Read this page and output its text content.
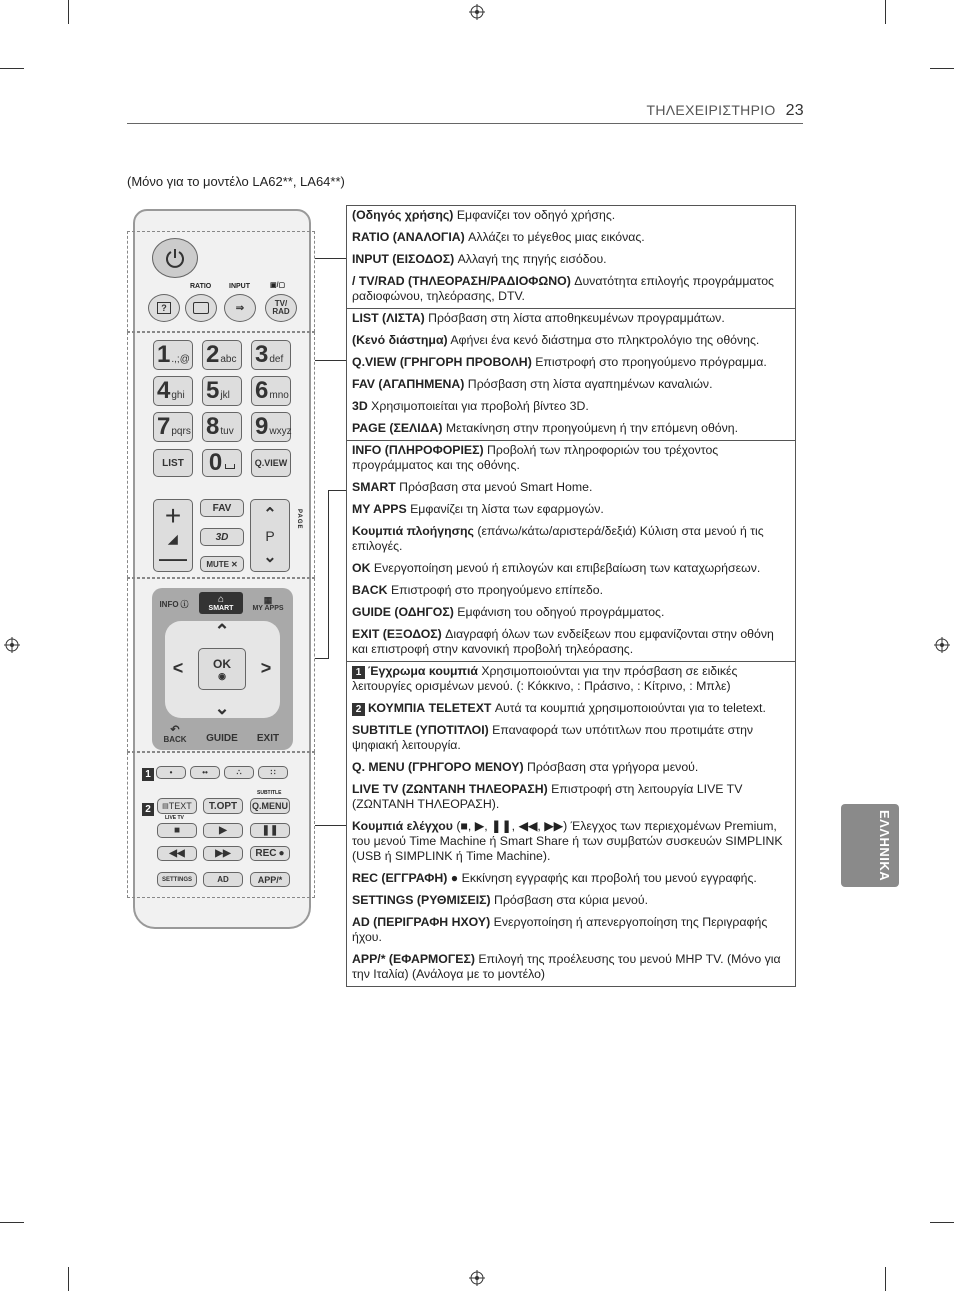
ΤΗΛΕΧΕΙΡΙΣΤΗΡΙΟ 23
(Μόνο για το μοντέλο LA62**, LA64**)
ΕΛΛΗΝΙΚΑ
RATIO	INPUT	▣/▢
?	⇒	TV/
RAD
1 .,;@ 2 abc 3 def
4 ghi 5 jkl 6 mno
7 pqrs 8 tuv 9 wxyz
LIST	0	Q.VIEW
+
◢
—
FAV
3D
MUTE ✕
⌃
P
⌄
PAGE
INFO ⓘ	⌂
SMART
▦
MY APPS
⌃
⌄
<	>
OK
◉
↶
BACK	GUIDE	EXIT
1	•	••	∴	∷
2
SUBTITLE
▤ TEXT	T.OPT	Q.MENU
LIVE TV
■	▶	❚❚
◀◀	▶▶ REC ●
SETTINGS	AD	APP/*
(Οδηγός χρήσης) Εμφανίζει τον οδηγό χρήσης.
RATIO (ΑΝΑΛΟΓΙΑ) Αλλάζει το μέγεθος μιας εικόνας.
INPUT (ΕΙΣΟΔΟΣ) Αλλαγή της πηγής εισόδου.
/ TV/RAD (ΤΗΛΕΟΡΑΣΗ/ΡΑΔΙΟΦΩΝΟ) Δυνατότητα επιλογής προγράμματος ραδιοφώνου, τηλεόρασης, DTV.
LIST (ΛΙΣΤΑ) Πρόσβαση στη λίστα αποθηκευμένων προγραμμάτων.
(Κενό διάστημα) Αφήνει ένα κενό διάστημα στο πληκτρολόγιο της οθόνης.
Q.VIEW (ΓΡΗΓΟΡΗ ΠΡΟΒΟΛΗ) Επιστροφή στο προηγούμενο πρόγραμμα.
FAV (ΑΓΑΠΗΜΕΝΑ) Πρόσβαση στη λίστα αγαπημένων καναλιών.
3D Χρησιμοποιείται για προβολή βίντεο 3D.
PAGE (ΣΕΛΙΔΑ) Μετακίνηση στην προηγούμενη ή την επόμενη οθόνη.
INFO (ΠΛΗΡΟΦΟΡΙΕΣ) Προβολή των πληροφοριών του τρέχοντος προγράμματος και της οθόνης.
SMART Πρόσβαση στα μενού Smart Home.
MY APPS Εμφανίζει τη λίστα των εφαρμογών.
Κουμπιά πλοήγησης (επάνω/κάτω/αριστερά/δεξιά) Κύλιση στα μενού ή τις επιλογές.
OK Ενεργοποίηση μενού ή επιλογών και επιβεβαίωση των καταχωρήσεων.
BACK Επιστροφή στο προηγούμενο επίπεδο.
GUIDE (ΟΔΗΓΟΣ) Εμφάνιση του οδηγού προγράμματος.
EXIT (ΕΞΟΔΟΣ) Διαγραφή όλων των ενδείξεων που εμφανίζονται στην οθόνη και επιστροφή στην κανονική προβολή τηλεόρασης.
1 Έγχρωμα κουμπιά Χρησιμοποιούνται για την πρόσβαση σε ειδικές λειτουργίες ορισμένων μενού. (: Κόκκινο, : Πράσινο, : Κίτρινο, : Μπλε)
2 ΚΟΥΜΠΙΑ TELETEXT Αυτά τα κουμπιά χρησιμοποιούνται για το teletext.
SUBTITLE (ΥΠΟΤΙΤΛΟΙ) Επαναφορά των υπότιτλων που προτιμάτε στην ψηφιακή λειτουργία.
Q. MENU (ΓΡΗΓΟΡΟ ΜΕΝΟΥ) Πρόσβαση στα γρήγορα μενού.
LIVE TV (ΖΩΝΤΑΝΗ ΤΗΛΕΟΡΑΣΗ) Επιστροφή στη λειτουργία LIVE TV (ΖΩΝΤΑΝΗ ΤΗΛΕΟΡΑΣΗ).
Κουμπιά ελέγχου (■, ▶, ❚❚, ◀◀, ▶▶) Έλεγχος των περιεχομένων Premium, του μενού Time Machine ή Smart Share ή των συμβατών συσκευών SIMPLINK (USB ή SIMPLINK ή Time Machine).
REC (ΕΓΓΡΑΦΗ) ● Εκκίνηση εγγραφής και προβολή του μενού εγγραφής.
SETTINGS (ΡΥΘΜΙΣΕΙΣ) Πρόσβαση στα κύρια μενού.
AD (ΠΕΡΙΓΡΑΦΗ ΗΧΟΥ) Ενεργοποίηση ή απενεργοποίηση της Περιγραφής ήχου.
APP/* (ΕΦΑΡΜΟΓΕΣ) Επιλογή της προέλευσης του μενού MHP TV. (Μόνο για την Ιταλία) (Ανάλογα με το μοντέλο)
